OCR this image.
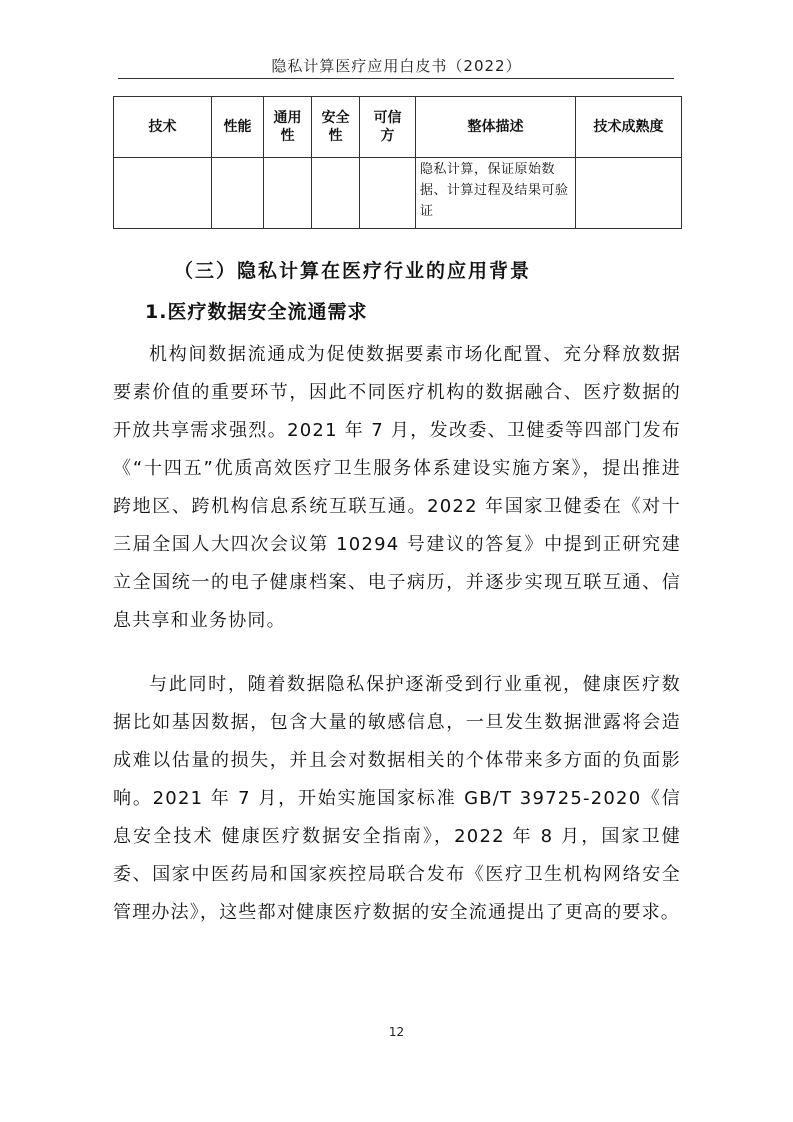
隐私计算医疗应用白皮书（2022）
技术	性能	通用性	安全性	可信方	整体描述	技术成熟度
					隐私计算，保证原始数据、计算过程及结果可验证	
（三）隐私计算在医疗行业的应用背景
1.医疗数据安全流通需求

机构间数据流通成为促使数据要素市场化配置、充分释放数据要素价值的重要环节，因此不同医疗机构的数据融合、医疗数据的开放共享需求强烈。2021 年 7 月，发改委、卫健委等四部门发布《“十四五”优质高效医疗卫生服务体系建设实施方案》，提出推进跨地区、跨机构信息系统互联互通。2022 年国家卫健委在《对十三届全国人大四次会议第 10294 号建议的答复》中提到正研究建立全国统一的电子健康档案、电子病历，并逐步实现互联互通、信息共享和业务协同。

与此同时，随着数据隐私保护逐渐受到行业重视，健康医疗数据比如基因数据，包含大量的敏感信息，一旦发生数据泄露将会造成难以估量的损失，并且会对数据相关的个体带来多方面的负面影响。2021 年 7 月，开始实施国家标准 GB/T 39725-2020《信息安全技术 健康医疗数据安全指南》，2022 年 8 月，国家卫健委、国家中医药局和国家疾控局联合发布《医疗卫生机构网络安全管理办法》，这些都对健康医疗数据的安全流通提出了更高的要求。

12
